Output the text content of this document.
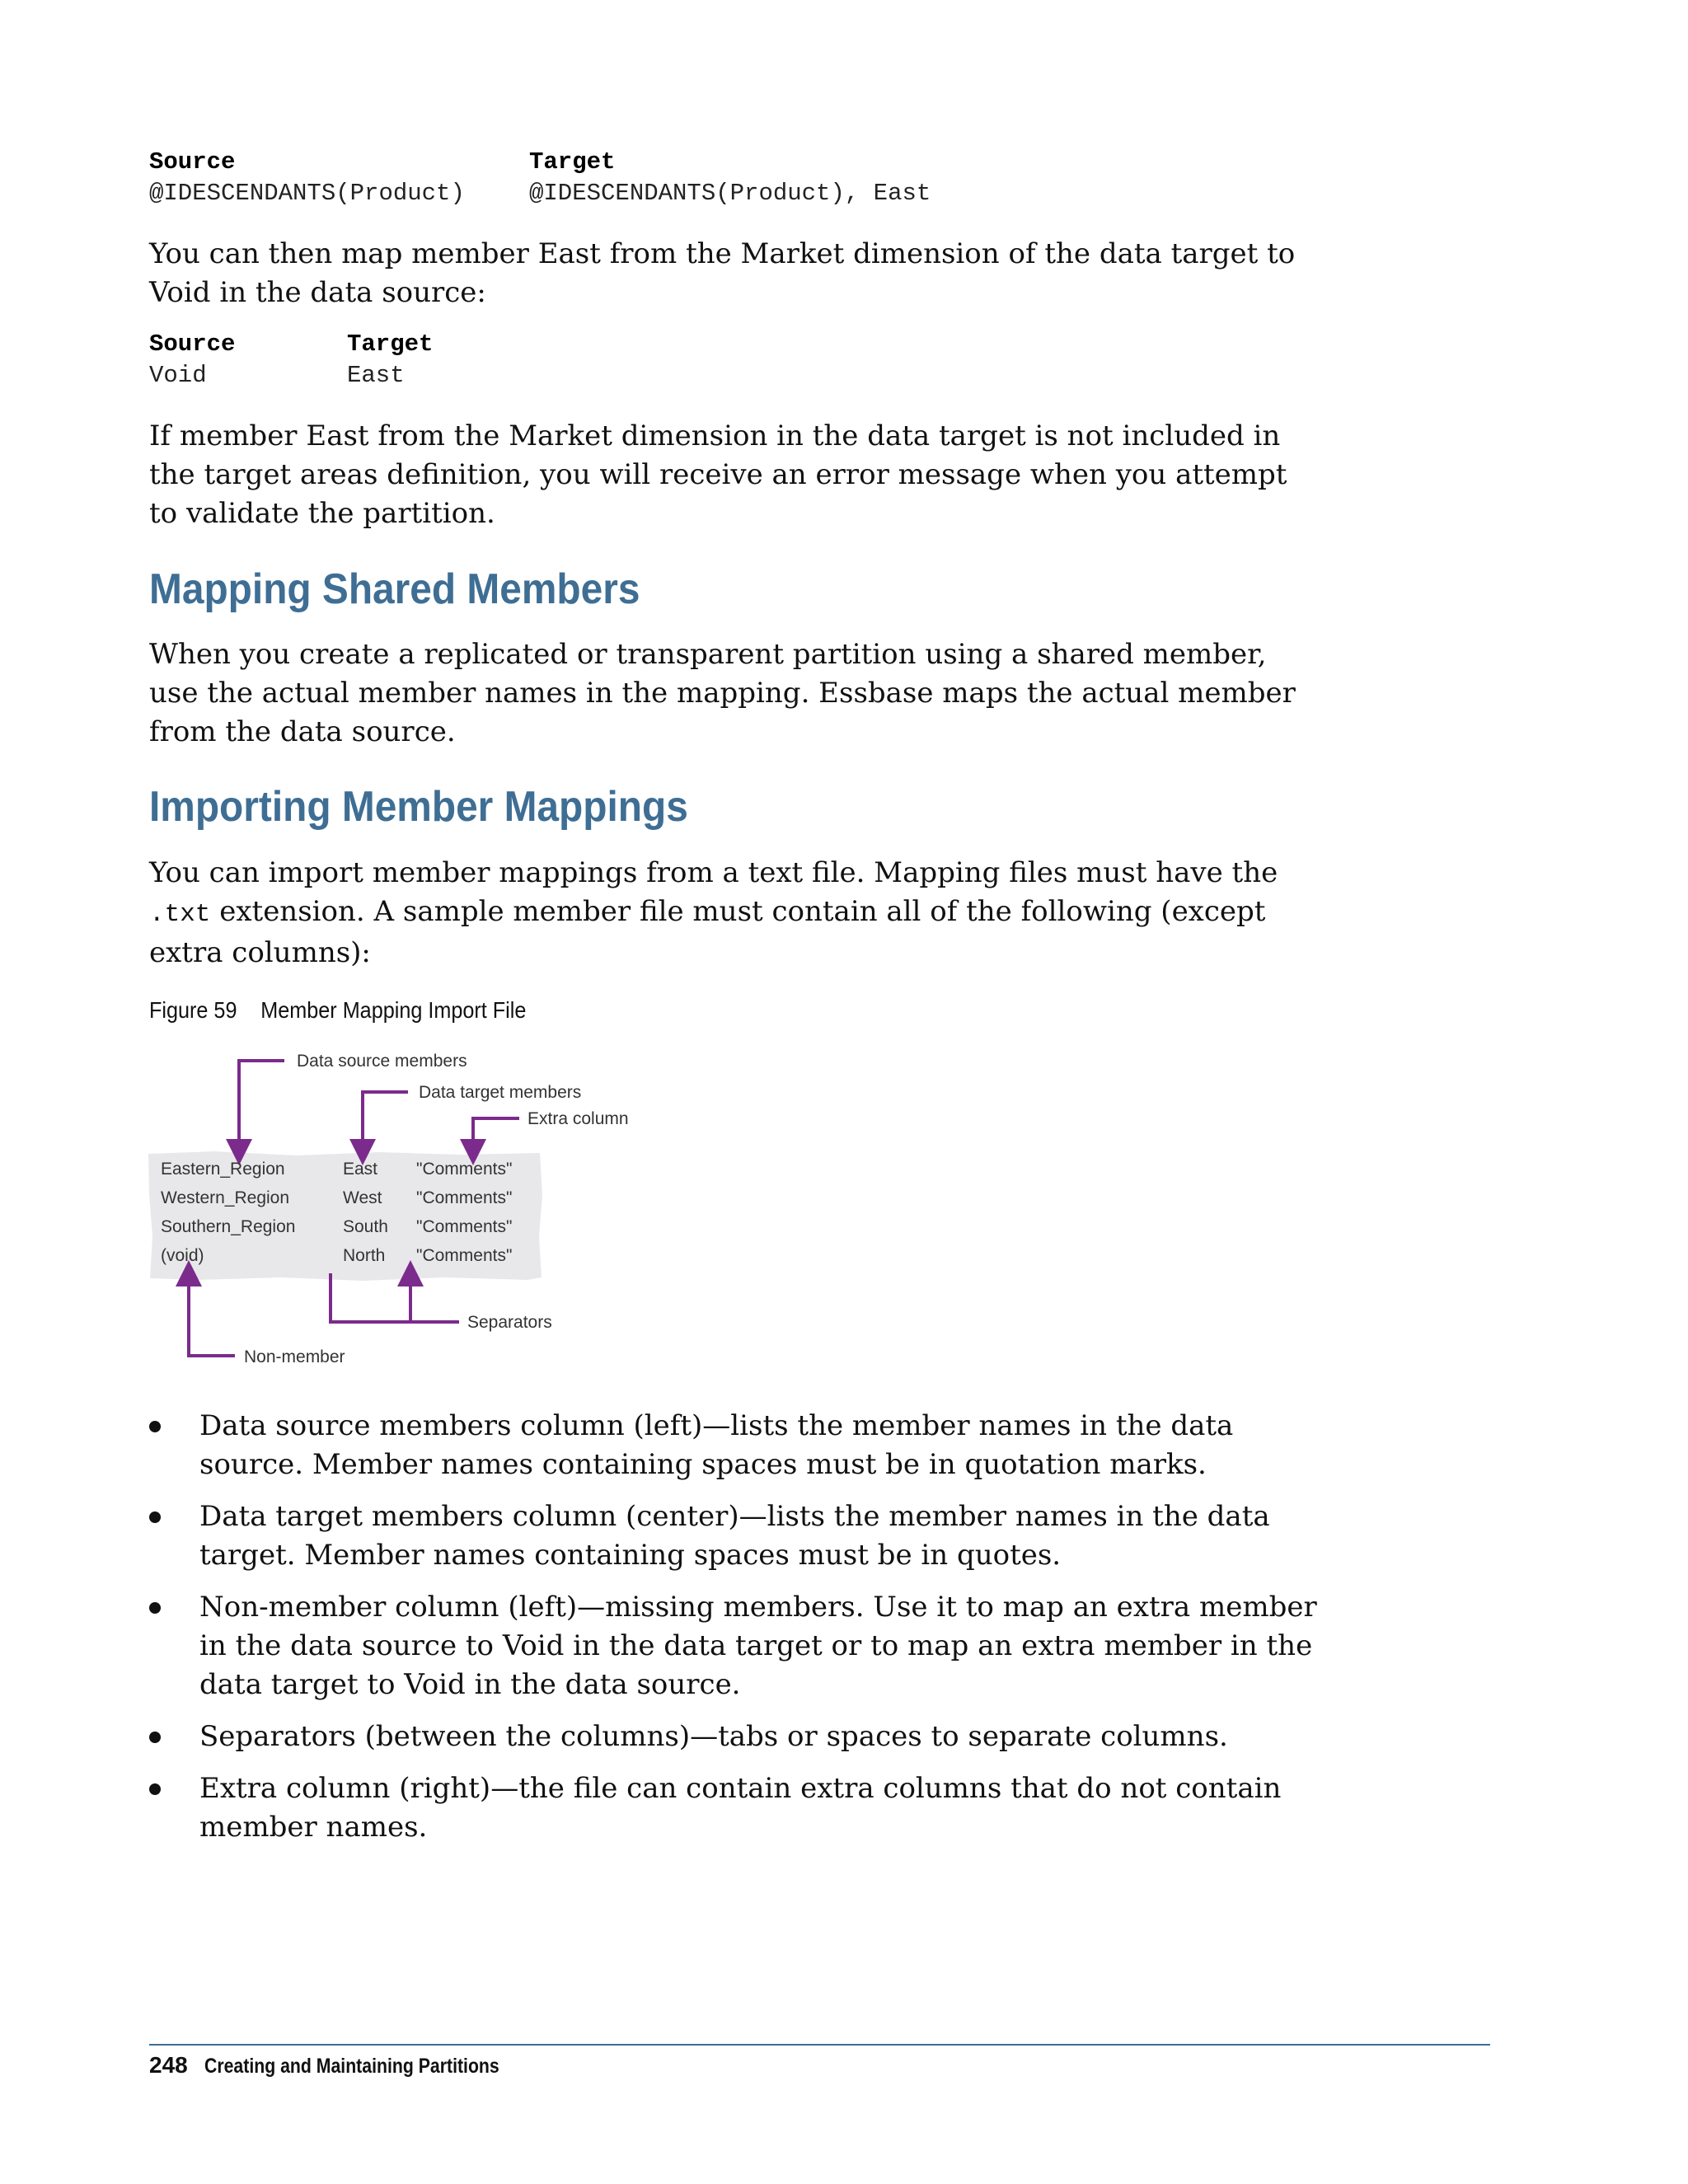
Source	Target
@IDESCENDANTS(Product)	@IDESCENDANTS(Product), East
You can then map member East from the Market dimension of the data target to Void in the data source:
Source	Target
Void	East
If member East from the Market dimension in the data target is not included in the target areas definition, you will receive an error message when you attempt to validate the partition.
Mapping Shared Members
When you create a replicated or transparent partition using a shared member, use the actual member names in the mapping. Essbase maps the actual member from the data source.
Importing Member Mappings
You can import member mappings from a text file. Mapping files must have the .txt extension. A sample member file must contain all of the following (except extra columns):
Figure 59 Member Mapping Import File
Data source members
Data target members
Extra column
Separators
Non-member
Eastern_Region	East "Comments"
Western_Region	West "Comments"
Southern_Region	South "Comments"
(void)	North "Comments"
Data source members column (left)—lists the member names in the data source. Member names containing spaces must be in quotation marks.
Data target members column (center)—lists the member names in the data target. Member names containing spaces must be in quotes.
Non-member column (left)—missing members. Use it to map an extra member in the data source to Void in the data target or to map an extra member in the data target to Void in the data source.
Separators (between the columns)—tabs or spaces to separate columns.
Extra column (right)—the file can contain extra columns that do not contain member names.
248 Creating and Maintaining Partitions
